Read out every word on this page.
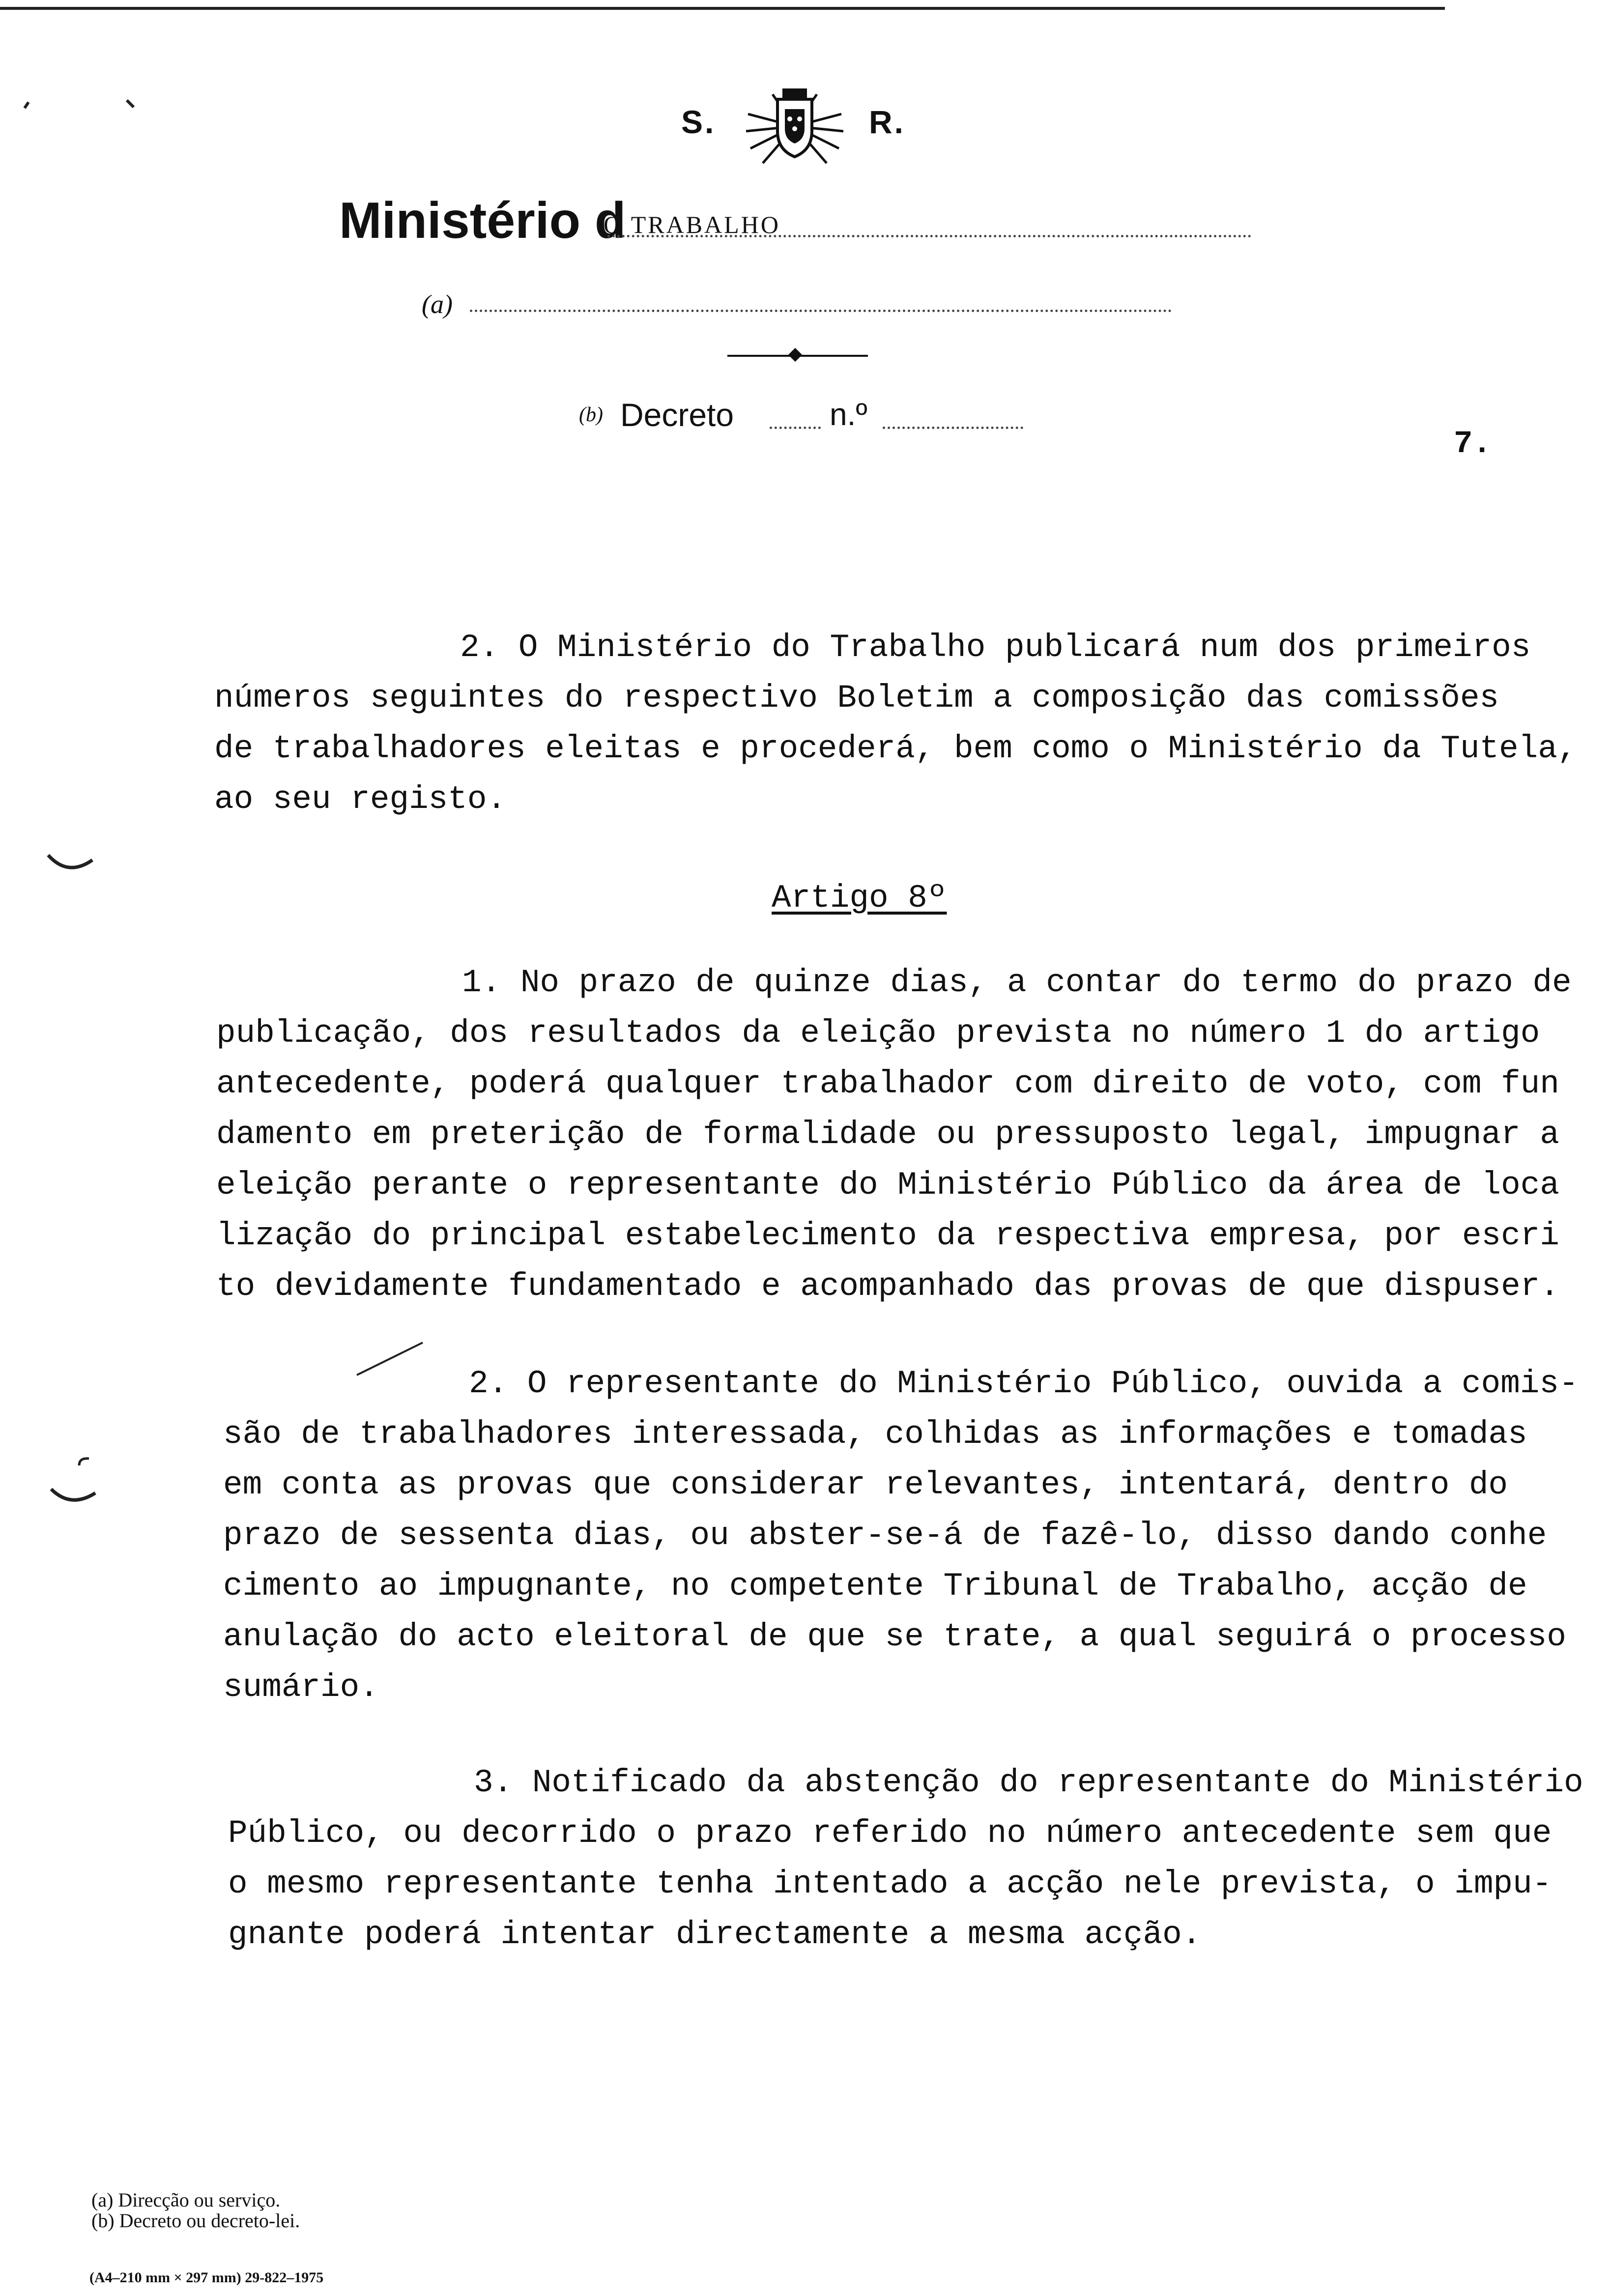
S.	R.
Ministério d
O TRABALHO
(a)
(b) Decreto	n.º
7.
2. O Ministério do Trabalho publicará num dos primeiros
números seguintes do respectivo Boletim a composição das comissões
de trabalhadores eleitas e procederá, bem como o Ministério da Tutela,
ao seu registo.
Artigo 8º
1. No prazo de quinze dias, a contar do termo do prazo de
publicação, dos resultados da eleição prevista no número 1 do artigo
antecedente, poderá qualquer trabalhador com direito de voto, com fun
damento em preterição de formalidade ou pressuposto legal, impugnar a
eleição perante o representante do Ministério Público da área de loca
lização do principal estabelecimento da respectiva empresa, por escri
to devidamente fundamentado e acompanhado das provas de que dispuser.
2. O representante do Ministério Público, ouvida a comis-
são de trabalhadores interessada, colhidas as informações e tomadas
em conta as provas que considerar relevantes, intentará, dentro do
prazo de sessenta dias, ou abster-se-á de fazê-lo, disso dando conhe
cimento ao impugnante, no competente Tribunal de Trabalho, acção de
anulação do acto eleitoral de que se trate, a qual seguirá o processo
sumário.
3. Notificado da abstenção do representante do Ministério
Público, ou decorrido o prazo referido no número antecedente sem que
o mesmo representante tenha intentado a acção nele prevista, o impu-
gnante poderá intentar directamente a mesma acção.
(a) Direcção ou serviço.
(b) Decreto ou decreto-lei.
(A4–210 mm × 297 mm) 29-822–1975
